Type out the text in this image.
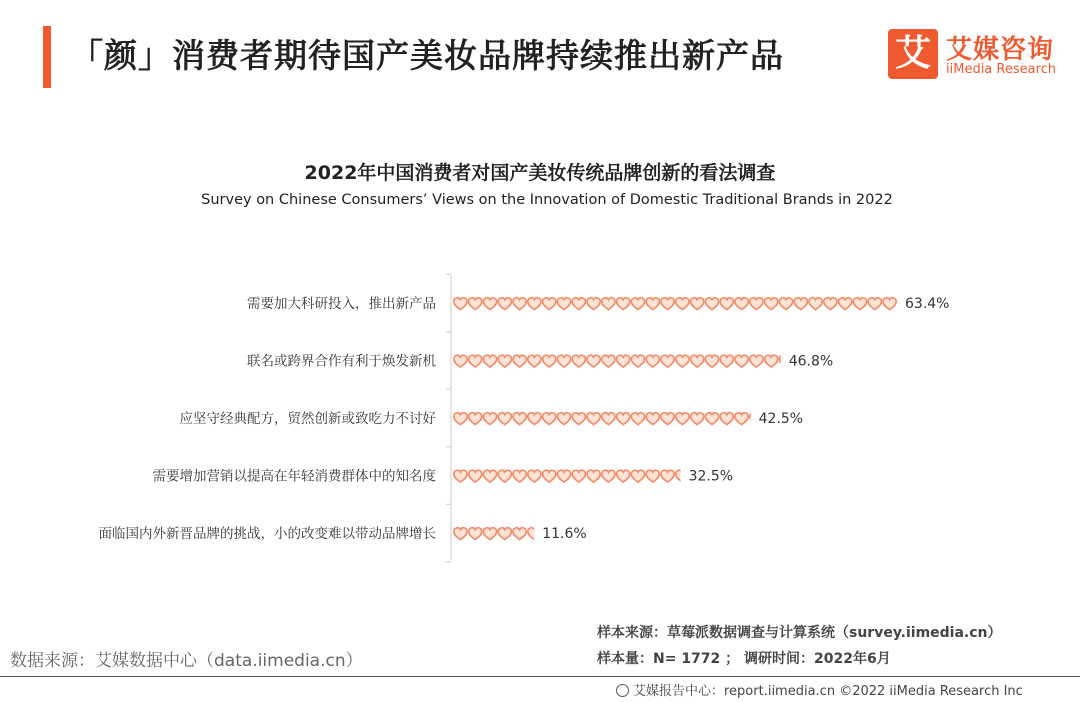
「颜」消费者期待国产美妆品牌持续推出新产品	艾 艾媒咨询
iiMedia Research
2022年中国消费者对国产美妆传统品牌创新的看法调查
Survey on Chinese Consumers’ Views on the Innovation of Domestic Traditional Brands in 2022
需要加大科研投入，推出新产品	63.4%
联名或跨界合作有利于焕发新机	46.8%
应坚守经典配方，贸然创新或致吃力不讨好	42.5%
需要增加营销以提高在年轻消费群体中的知名度	32.5%
面临国内外新晋品牌的挑战，小的改变难以带动品牌增长	11.6%
数据来源：艾媒数据中心（data.iimedia.cn）
样本来源：草莓派数据调查与计算系统（survey.iimedia.cn）
样本量：N= 1772 ； 调研时间：2022年6月
艾媒报告中心：report.iimedia.cn ©2022 iiMedia Research Inc
